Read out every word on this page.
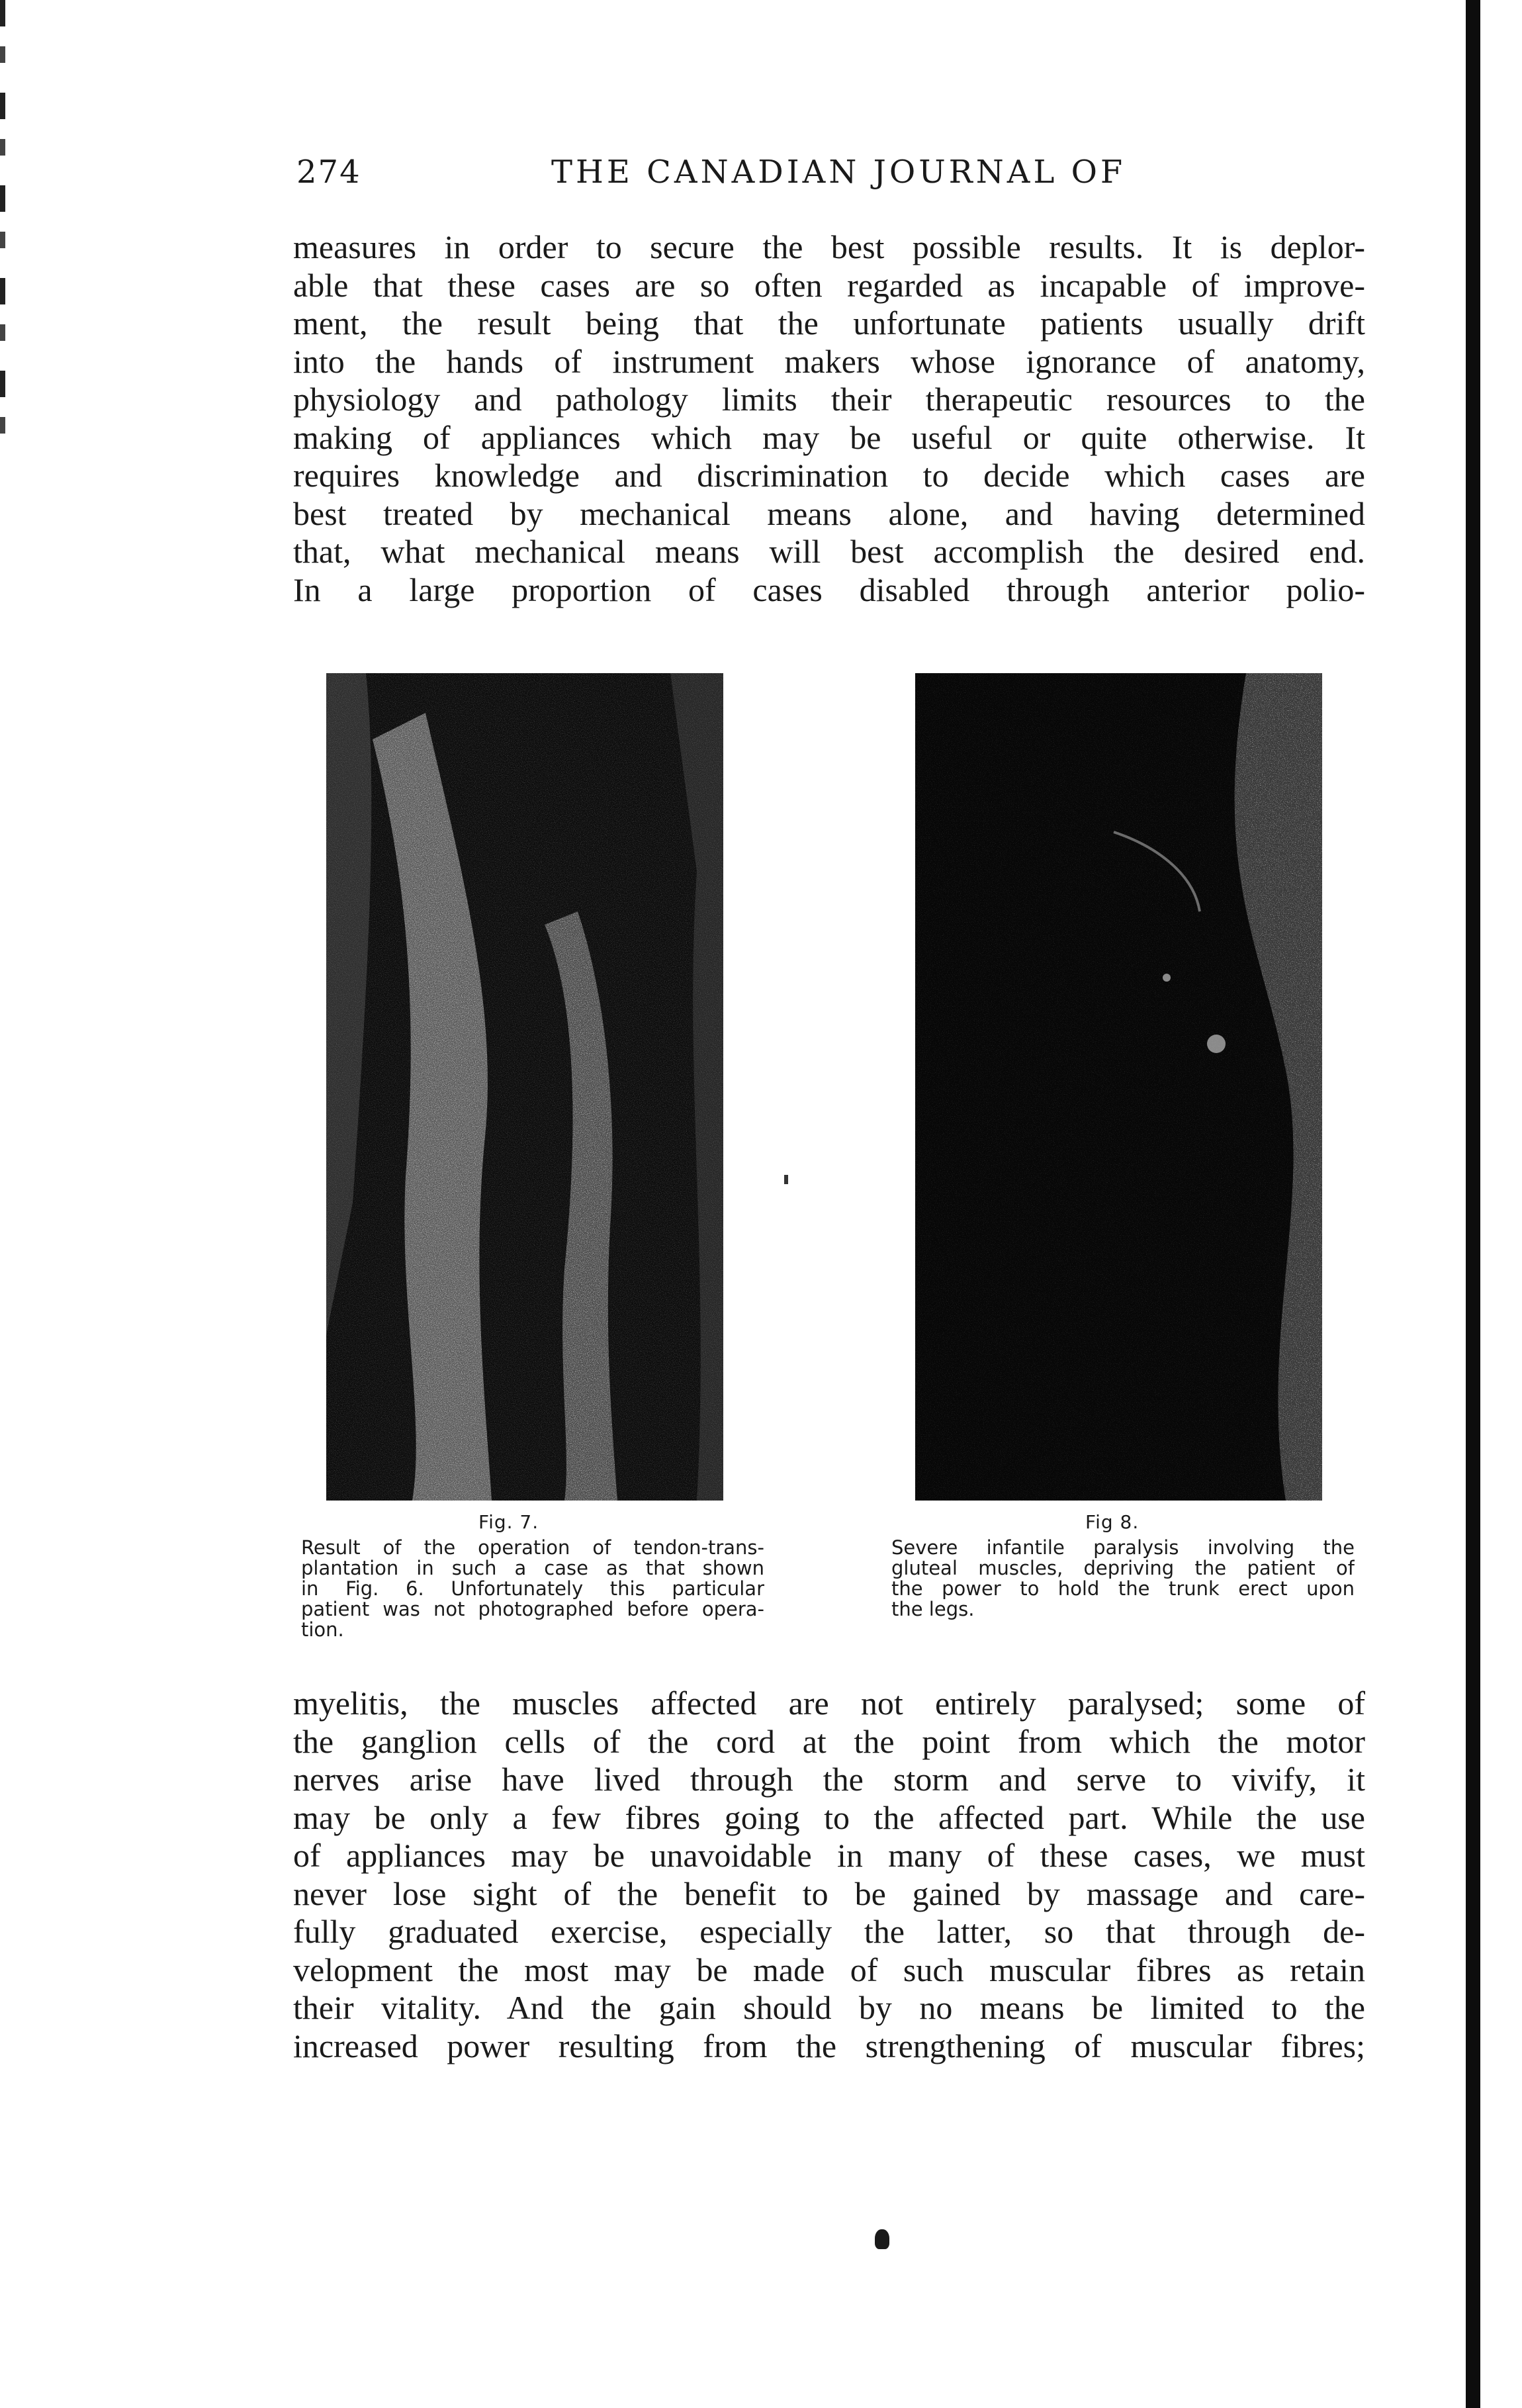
274	THE CANADIAN JOURNAL OF

measures in order to secure the best possible results. It is deplor-
able that these cases are so often regarded as incapable of improve-
ment, the result being that the unfortunate patients usually drift
into the hands of instrument makers whose ignorance of anatomy,
physiology and pathology limits their therapeutic resources to the
making of appliances which may be useful or quite otherwise. It
requires knowledge and discrimination to decide which cases are
best treated by mechanical means alone, and having determined
that, what mechanical means will best accomplish the desired end.
In a large proportion of cases disabled through anterior polio-

Fig. 7.

Result of the operation of tendon-trans-
plantation in such a case as that shown
in Fig. 6. Unfortunately this particular
patient was not photographed before opera-
tion.

Fig 8.

Severe infantile paralysis involving the
gluteal muscles, depriving the patient of
the power to hold the trunk erect upon
the legs.

myelitis, the muscles affected are not entirely paralysed; some of
the ganglion cells of the cord at the point from which the motor
nerves arise have lived through the storm and serve to vivify, it
may be only a few fibres going to the affected part. While the use
of appliances may be unavoidable in many of these cases, we must
never lose sight of the benefit to be gained by massage and care-
fully graduated exercise, especially the latter, so that through de-
velopment the most may be made of such muscular fibres as retain
their vitality. And the gain should by no means be limited to the
increased power resulting from the strengthening of muscular fibres;
